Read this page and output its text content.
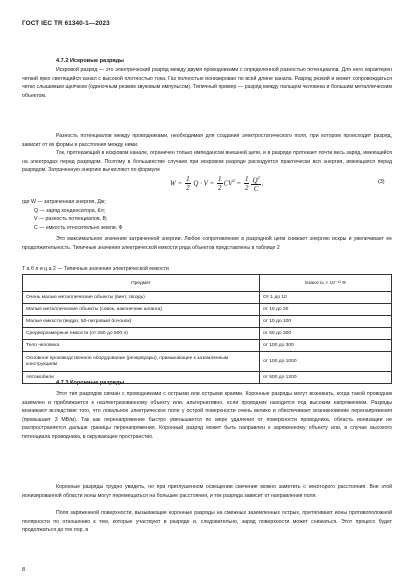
ГОСТ IEC TR 61340-1—2023
4.7.2 Искровые разряды

Искровой разряд — это электрический разряд между двумя проводниками с определенной разностью потенциалов. Для него характерен четкий ярко светящийся канал с высокой плотностью тока. Газ полностью ионизирован по всей длине канала. Разряд резкий и может сопровождаться четко слышимым щелчком (одиночным резким звуковым импульсом). Типичный пример — разряд между пальцем человека и большим металлическим объектом.

Разность потенциалов между проводниками, необходимая для создания электростатического поля, при котором происходит разряд, зависит от их формы и расстояния между ними.

Ток, протекающий в искровом канале, ограничен только импедансом внешней цепи, и в разряде протекает почти весь заряд, имеющийся на электродах перед разрядом. Поэтому в большинстве случаев при искровом разряде расходуется практически вся энергия, имеющаяся перед разрядом. Затраченную энергию вычисляют по формуле

$W = \frac{1}{2}$ $Q \cdot V = \frac{1}{2} CV^2 = \frac{1}{2} \frac{Q^2}{C}$ .	(3)
где W — затраченная энергия, Дж;
Q — заряд конденсатора, Кл;
V — разность потенциалов, В;
C — емкость относительно земли, Ф

Это максимальное значение затраченной энергии. Любое сопротивление в разрядной цепи снижает энергию искры и увеличивает ее продолжительность. Типичные значения электрической емкости ряда объектов представлены в таблице 2

Т а б л и ц а 2 — Типичные значения электрической емкости
Предмет	Емкость × 10⁻¹² Ф
Очень малые металлические объекты (винт, гвоздь)	От 1 до 10
Малые металлические объекты (совок, наконечник шланга)	от 10 до 20
Малые емкости (ведро, 50-литровый бочонок)	от 10 до 100
Среднеразмерные емкости (от 250 до 500 л)	от 50 до 300
Тело человека	от 100 до 300
Основное производственное оборудование (резервуары), примыкающее к заземленным конструкциям	от 100 до 1000
Автомобили	от 500 до 1200
4.7.3 Коронные разряды

Этот тип разрядов связан с проводниками с острыми или острыми краями. Коронные разряды могут возникать, когда такой проводник заземлен и приближается к наэлектризованному объекту или, альтернативно, если проводник находится под высоким напряжением. Разряды возникают вследствие того, что локальное электрическое поле у острой поверхности очень велико и обеспечивает возникновение перенапряжения (превышает 3 МВ/м). Так как перенапряжение быстро уменьшается по мере удаления от поверхности проводника, область ионизации не распространяется дальше границы перенапряжения. Коронный разряд может быть направлен к заряженному объекту или, в случае высокого потенциала проводника, в окружающее пространство.

Коронные разряды трудно увидеть, но при приглушенном освещении свечение можно заметить с некоторого расстояния. Вне этой ионизированной области ионы могут перемещаться на большие расстояния, и ток разряда зависит от направления поля.

Поля заряженной поверхности, вызывающие коронные разряды на смежных заземленных острых, притягивают ионы противоположной полярности по отношению к тем, которые участвуют в разряде и, следовательно, заряд поверхности может снижаться. Этот процесс будет продолжаться до тех пор, в

8
